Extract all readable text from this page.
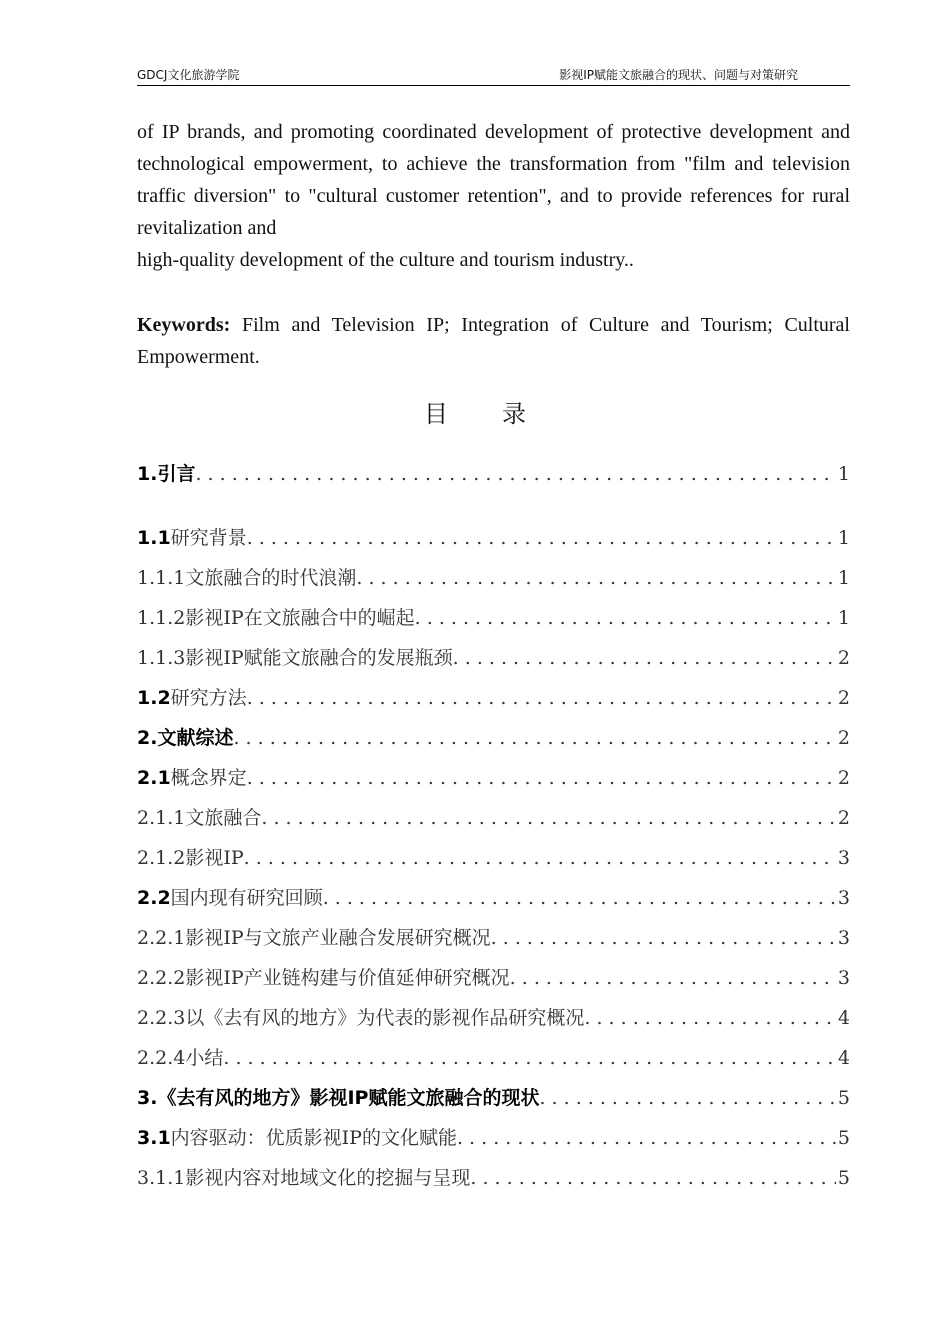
GDCJ文化旅游学院	影视IP赋能文旅融合的现状、问题与对策研究

of IP brands, and promoting coordinated development of protective development and technological empowerment, to achieve the transformation from "film and television traffic diversion" to "cultural customer retention", and to provide references for rural revitalization and

high-quality development of the culture and tourism industry..

Keywords: Film and Television IP; Integration of Culture and Tourism; Cultural Empowerment.
目录
1. 引言 . . .	1
1.1 研究背景 . . .	1
1.1.1 文旅融合的时代浪潮 . . .	1
1.1.2 影视IP在文旅融合中的崛起 . . .	1
1.1.3 影视IP赋能文旅融合的发展瓶颈 . . .	2
1.2 研究方法 . . .	2
2. 文献综述 . . .	2
2.1 概念界定 . . .	2
2.1.1 文旅融合 . . .	2
2.1.2 影视IP . . .	3
2.2 国内现有研究回顾 . . .	3
2.2.1 影视IP与文旅产业融合发展研究概况 . . .	3
2.2.2 影视IP产业链构建与价值延伸研究概况 . . .	3
2.2.3 以《去有风的地方》为代表的影视作品研究概况 . . .	4
2.2.4 小结 . . .	4
3. 《去有风的地方》影视IP赋能文旅融合的现状 . . .	5
3.1 内容驱动：优质影视IP的文化赋能 . . .	5
3.1.1 影视内容对地域文化的挖掘与呈现 . . .	5
